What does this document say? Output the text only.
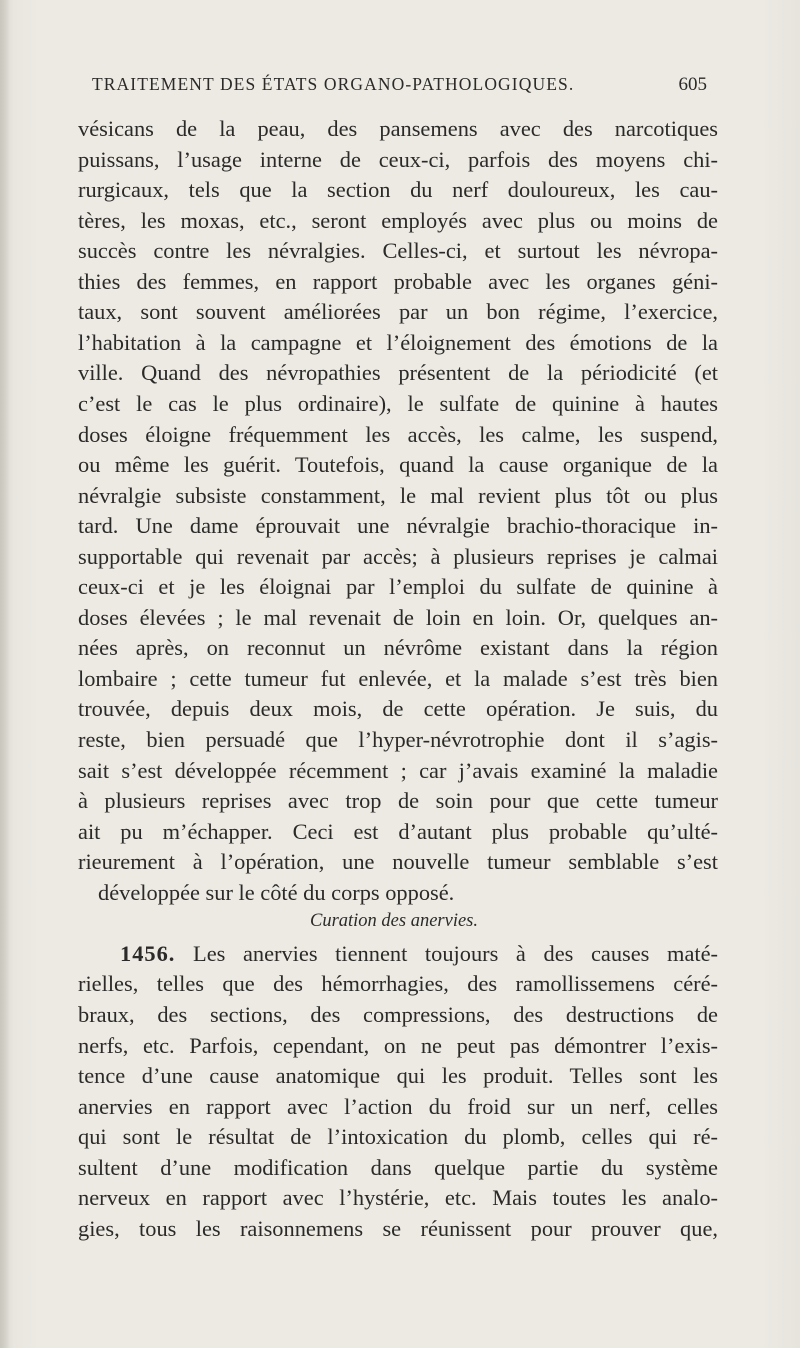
TRAITEMENT DES ÉTATS ORGANO-PATHOLOGIQUES.	605
vésicans de la peau, des pansemens avec des narcotiques
puissans, l’usage interne de ceux-ci, parfois des moyens chi-
rurgicaux, tels que la section du nerf douloureux, les cau-
tères, les moxas, etc., seront employés avec plus ou moins de
succès contre les névralgies. Celles-ci, et surtout les névropa-
thies des femmes, en rapport probable avec les organes géni-
taux, sont souvent améliorées par un bon régime, l’exercice,
l’habitation à la campagne et l’éloignement des émotions de la
ville. Quand des névropathies présentent de la périodicité (et
c’est le cas le plus ordinaire), le sulfate de quinine à hautes
doses éloigne fréquemment les accès, les calme, les suspend,
ou même les guérit. Toutefois, quand la cause organique de la
névralgie subsiste constamment, le mal revient plus tôt ou plus
tard. Une dame éprouvait une névralgie brachio-thoracique in-
supportable qui revenait par accès; à plusieurs reprises je calmai
ceux-ci et je les éloignai par l’emploi du sulfate de quinine à
doses élevées ; le mal revenait de loin en loin. Or, quelques an-
nées après, on reconnut un névrôme existant dans la région
lombaire ; cette tumeur fut enlevée, et la malade s’est très bien
trouvée, depuis deux mois, de cette opération. Je suis, du
reste, bien persuadé que l’hyper-névrotrophie dont il s’agis-
sait s’est développée récemment ; car j’avais examiné la maladie
à plusieurs reprises avec trop de soin pour que cette tumeur
ait pu m’échapper. Ceci est d’autant plus probable qu’ulté-
rieurement à l’opération, une nouvelle tumeur semblable s’est
développée sur le côté du corps opposé.
Curation des anervies.
1456. Les anervies tiennent toujours à des causes maté-
rielles, telles que des hémorrhagies, des ramollissemens céré-
braux, des sections, des compressions, des destructions de
nerfs, etc. Parfois, cependant, on ne peut pas démontrer l’exis-
tence d’une cause anatomique qui les produit. Telles sont les
anervies en rapport avec l’action du froid sur un nerf, celles
qui sont le résultat de l’intoxication du plomb, celles qui ré-
sultent d’une modification dans quelque partie du système
nerveux en rapport avec l’hystérie, etc. Mais toutes les analo-
gies, tous les raisonnemens se réunissent pour prouver que,
